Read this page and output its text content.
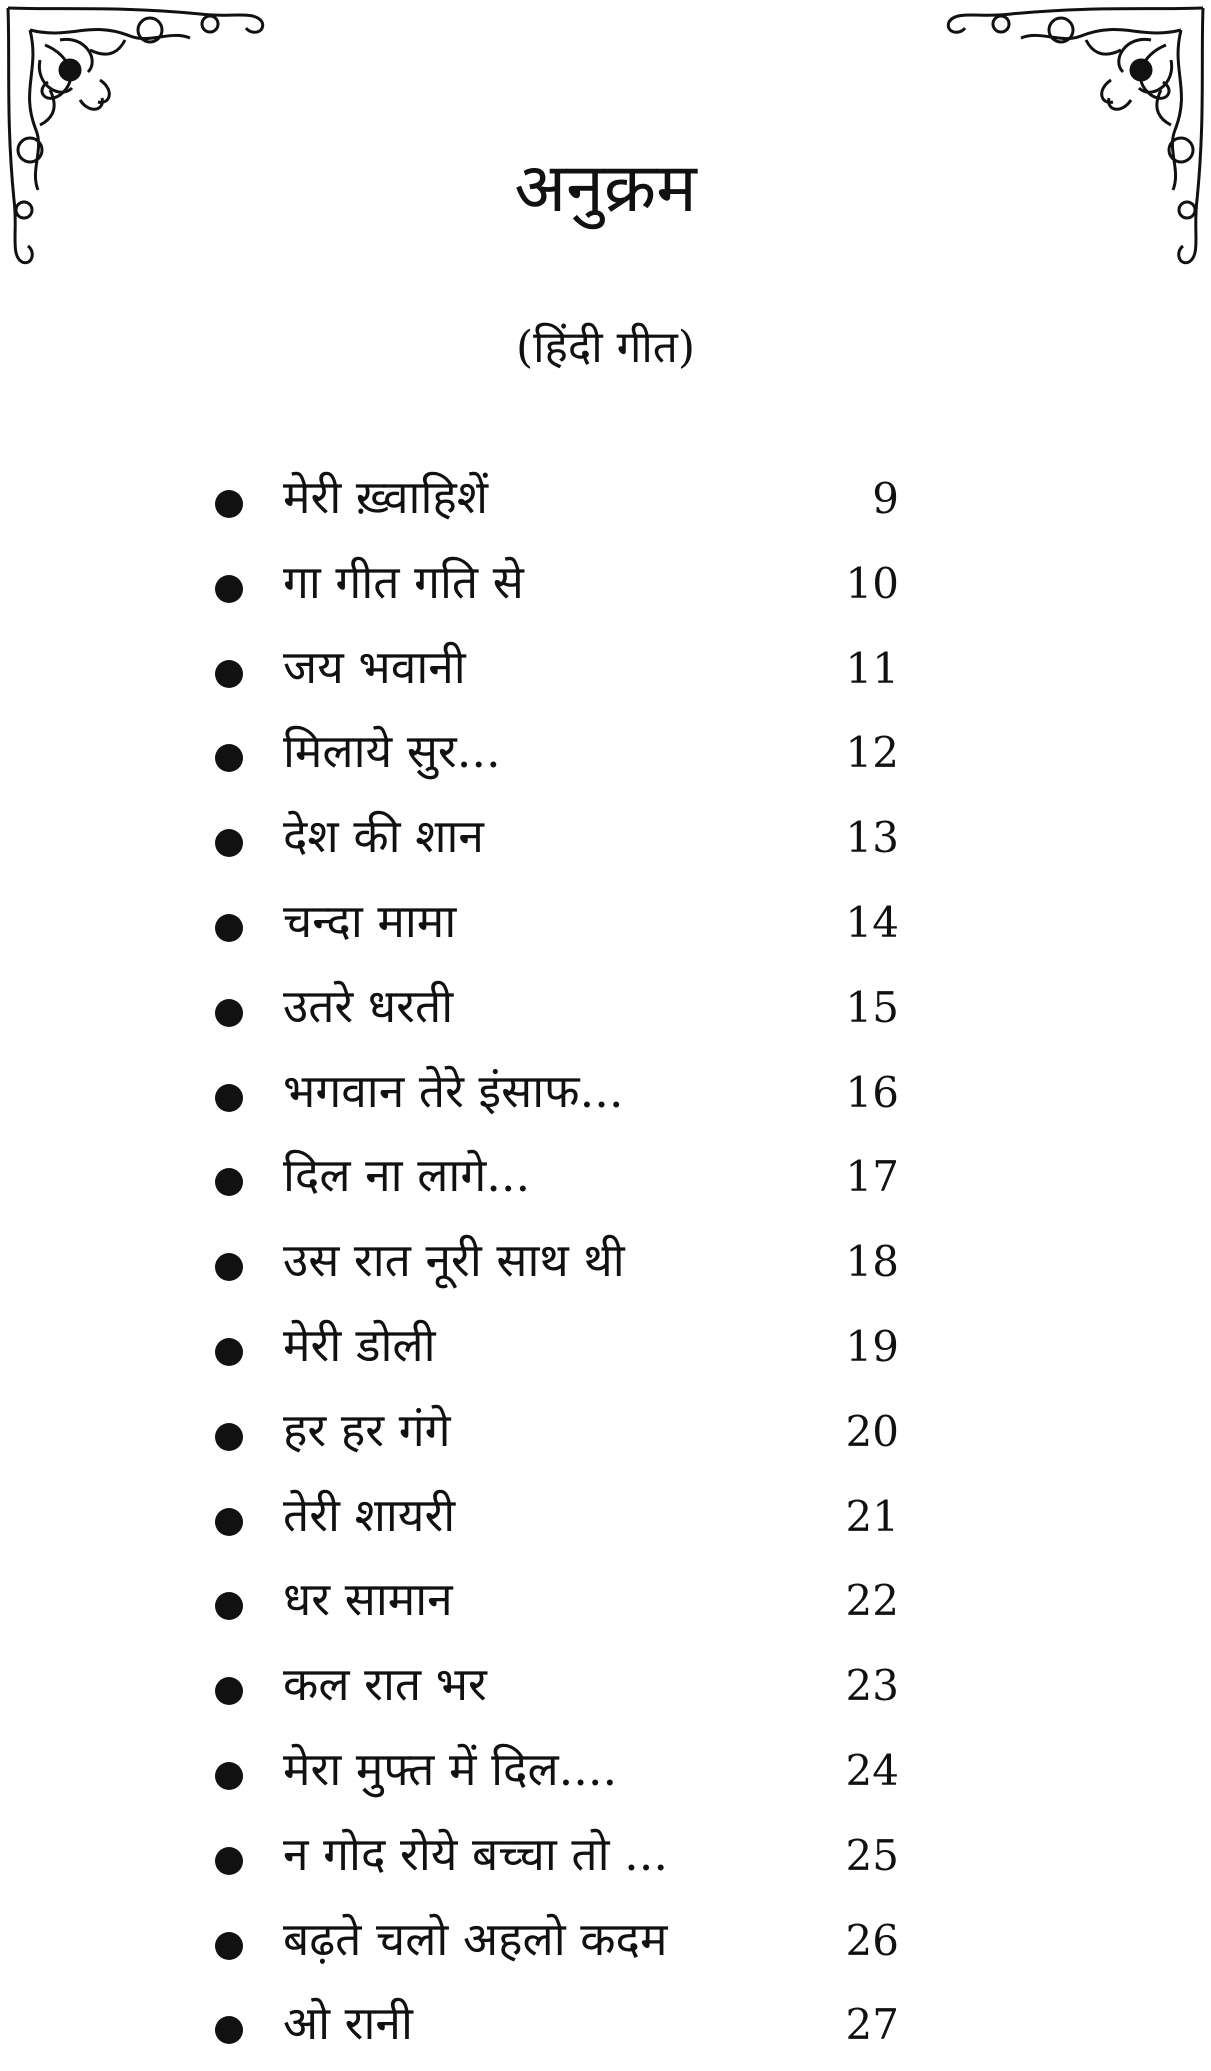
अनुक्रम
(हिंदी गीत)
मेरी ख़्वाहिशें	9
गा गीत गति से	10
जय भवानी	11
मिलाये सुर...	12
देश की शान	13
चन्दा मामा	14
उतरे धरती	15
भगवान तेरे इंसाफ...	16
दिल ना लागे...	17
उस रात नूरी साथ थी	18
मेरी डोली	19
हर हर गंगे	20
तेरी शायरी	21
धर सामान	22
कल रात भर	23
मेरा मुफ्त में दिल....	24
न गोद रोये बच्चा तो ...	25
बढ़ते चलो अहलो कदम	26
ओ रानी	27
